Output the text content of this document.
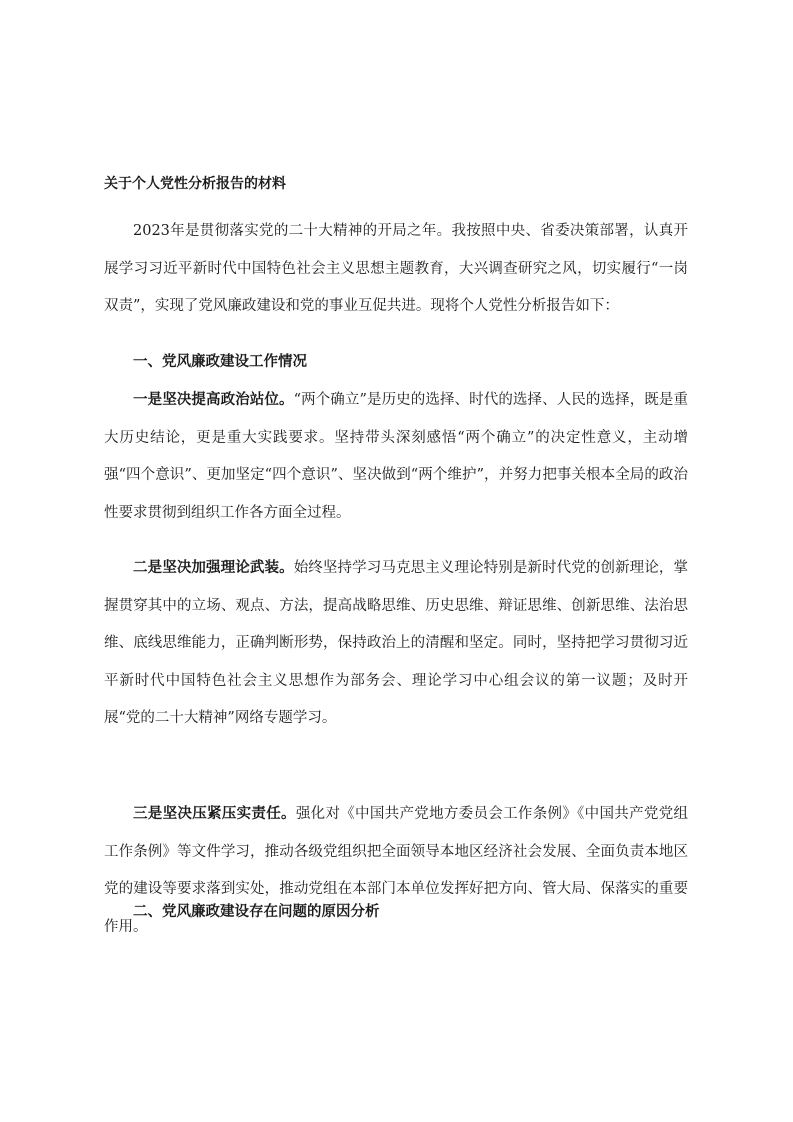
关于个人党性分析报告的材料

2023年是贯彻落实党的二十大精神的开局之年。我按照中央、省委决策部署，认真开展学习习近平新时代中国特色社会主义思想主题教育，大兴调查研究之风，切实履行“一岗双责”，实现了党风廉政建设和党的事业互促共进。现将个人党性分析报告如下：

一、党风廉政建设工作情况

一是坚决提高政治站位。“两个确立”是历史的选择、时代的选择、人民的选择，既是重大历史结论，更是重大实践要求。坚持带头深刻感悟“两个确立”的决定性意义，主动增强“四个意识”、更加坚定“四个意识”、坚决做到“两个维护”，并努力把事关根本全局的政治性要求贯彻到组织工作各方面全过程。

二是坚决加强理论武装。始终坚持学习马克思主义理论特别是新时代党的创新理论，掌握贯穿其中的立场、观点、方法，提高战略思维、历史思维、辩证思维、创新思维、法治思维、底线思维能力，正确判断形势，保持政治上的清醒和坚定。同时，坚持把学习贯彻习近平新时代中国特色社会主义思想作为部务会、理论学习中心组会议的第一议题；及时开展“党的二十大精神”网络专题学习。

三是坚决压紧压实责任。强化对《中国共产党地方委员会工作条例》《中国共产党党组工作条例》等文件学习，推动各级党组织把全面领导本地区经济社会发展、全面负责本地区党的建设等要求落到实处，推动党组在本部门本单位发挥好把方向、管大局、保落实的重要作用。

二、党风廉政建设存在问题的原因分析
